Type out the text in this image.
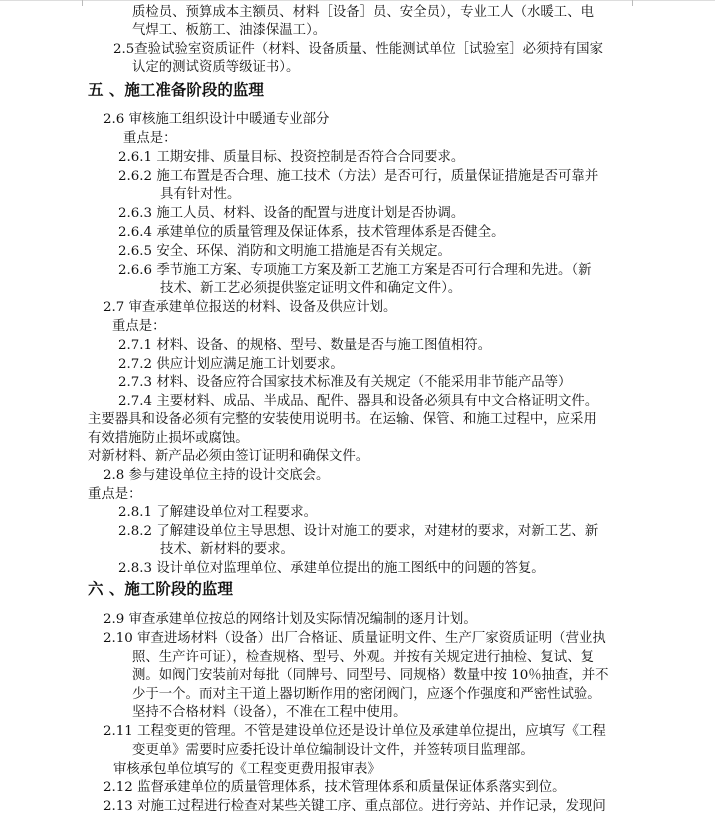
质检员、预算成本主额员、材料［设备］员、安全员），专业工人（水暖工、电
气焊工、板筋工、油漆保温工）。
2.5查验试验室资质证件（材料、设备质量、性能测试单位［试验室］必须持有国家
认定的测试资质等级证书）。
五 、施工准备阶段的监理
2.6 审核施工组织设计中暖通专业部分
重点是：
2.6.1 工期安排、质量目标、投资控制是否符合合同要求。
2.6.2 施工布置是否合理、施工技术（方法）是否可行，质量保证措施是否可靠并
具有针对性。
2.6.3 施工人员、材料、设备的配置与进度计划是否协调。
2.6.4 承建单位的质量管理及保证体系，技术管理体系是否健全。
2.6.5 安全、环保、消防和文明施工措施是否有关规定。
2.6.6 季节施工方案、专项施工方案及新工艺施工方案是否可行合理和先进。（新
技术、新工艺必须提供鉴定证明文件和确定文件）。
2.7 审查承建单位报送的材料、设备及供应计划。
重点是：
2.7.1 材料、设备、的规格、型号、数量是否与施工图值相符。
2.7.2 供应计划应满足施工计划要求。
2.7.3 材料、设备应符合国家技术标准及有关规定（不能采用非节能产品等）
2.7.4 主要材料、成品、半成品、配件、器具和设备必须具有中文合格证明文件。
主要器具和设备必须有完整的安装使用说明书。在运输、保管、和施工过程中，应采用
有效措施防止损坏或腐蚀。
对新材料、新产品必须由签订证明和确保文件。
2.8 参与建设单位主持的设计交底会。
重点是：
2.8.1 了解建设单位对工程要求。
2.8.2 了解建设单位主导思想、设计对施工的要求，对建材的要求，对新工艺、新
技术、新材料的要求。
2.8.3 设计单位对监理单位、承建单位提出的施工图纸中的问题的答复。
六 、施工阶段的监理
2.9 审查承建单位按总的网络计划及实际情况编制的逐月计划。
2.10 审查进场材料（设备）出厂合格证、质量证明文件、生产厂家资质证明（营业执
照、生产许可证），检查规格、型号、外观。并按有关规定进行抽检、复试、复
测。如阀门安装前对每批（同牌号、同型号、同规格）数量中按 10％抽查，并不
少于一个。而对主干道上器切断作用的密闭阀门，应逐个作强度和严密性试验。
坚持不合格材料（设备），不准在工程中使用。
2.11 工程变更的管理。不管是建设单位还是设计单位及承建单位提出，应填写《工程
变更单》需要时应委托设计单位编制设计文件，并签转项目监理部。
审核承包单位填写的《工程变更费用报审表》
2.12 监督承建单位的质量管理体系，技术管理体系和质量保证体系落实到位。
2.13 对施工过程进行检查对某些关键工序、重点部位。进行旁站、并作记录，发现问
